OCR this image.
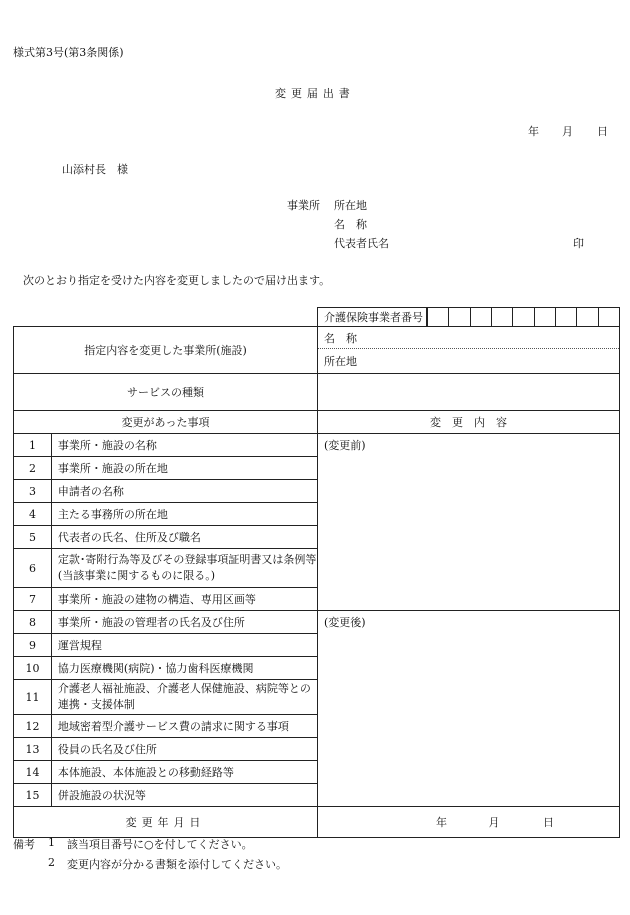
様式第3号(第3条関係)
変更届出書
年 月 日
山添村長　様
事業所 所在地
名　称
代表者氏名	印
次のとおり指定を受けた内容を変更しましたので届け出ます。
介護保険事業者番号	

指定内容を変更した事業所(施設)		名　称
		所在地
サービスの種類		
変更があった事項		変　更　内　容
1	事業所・施設の名称	(変更前)
2	事業所・施設の所在地	
3	申請者の名称	
4	主たる事務所の所在地	
5	代表者の氏名、住所及び職名	
6	定款･寄附行為等及びその登録事項証明書又は条例等(当該事業に関するものに限る。)	
7	事業所・施設の建物の構造、専用区画等	
8	事業所・施設の管理者の氏名及び住所	(変更後)
9	運営規程	
10	協力医療機関(病院)・協力歯科医療機関	
11	介護老人福祉施設、介護老人保健施設、病院等との連携・支援体制	
12	地域密着型介護サービス費の請求に関する事項	
13	役員の氏名及び住所	
14	本体施設、本体施設との移動経路等	
15	併設施設の状況等	
変更年月日		年 月 日
備考 1 該当項目番号に○を付してください。
2 変更内容が分かる書類を添付してください。
